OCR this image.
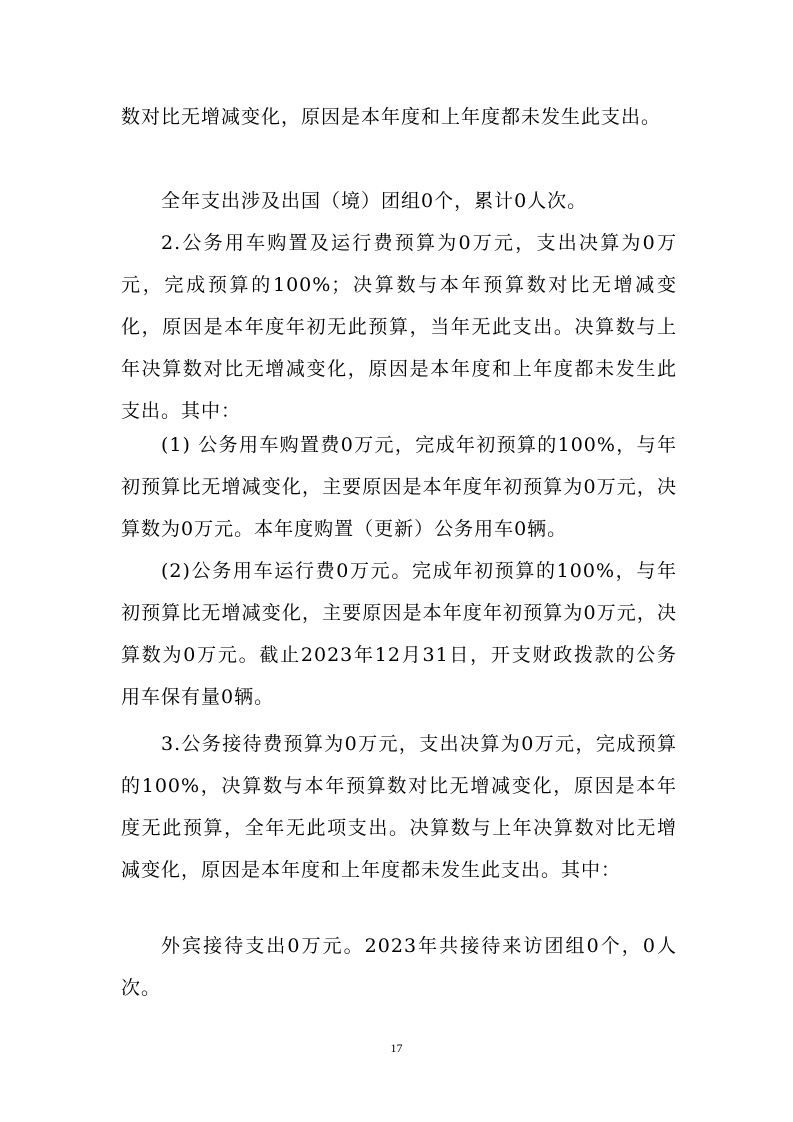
数对比无增减变化，原因是本年度和上年度都未发生此支出。

全年支出涉及出国（境）团组0个，累计0人次。

2.公务用车购置及运行费预算为0万元，支出决算为0万元，完成预算的100%；决算数与本年预算数对比无增减变化，原因是本年度年初无此预算，当年无此支出。决算数与上年决算数对比无增减变化，原因是本年度和上年度都未发生此支出。其中：

(1) 公务用车购置费0万元，完成年初预算的100%，与年初预算比无增减变化，主要原因是本年度年初预算为0万元，决算数为0万元。本年度购置（更新）公务用车0辆。

(2)公务用车运行费0万元。完成年初预算的100%，与年初预算比无增减变化，主要原因是本年度年初预算为0万元，决算数为0万元。截止2023年12月31日，开支财政拨款的公务用车保有量0辆。

3.公务接待费预算为0万元，支出决算为0万元，完成预算的100%，决算数与本年预算数对比无增减变化，原因是本年度无此预算，全年无此项支出。决算数与上年决算数对比无增减变化，原因是本年度和上年度都未发生此支出。其中：

外宾接待支出0万元。2023年共接待来访团组0个，0人次。

17
